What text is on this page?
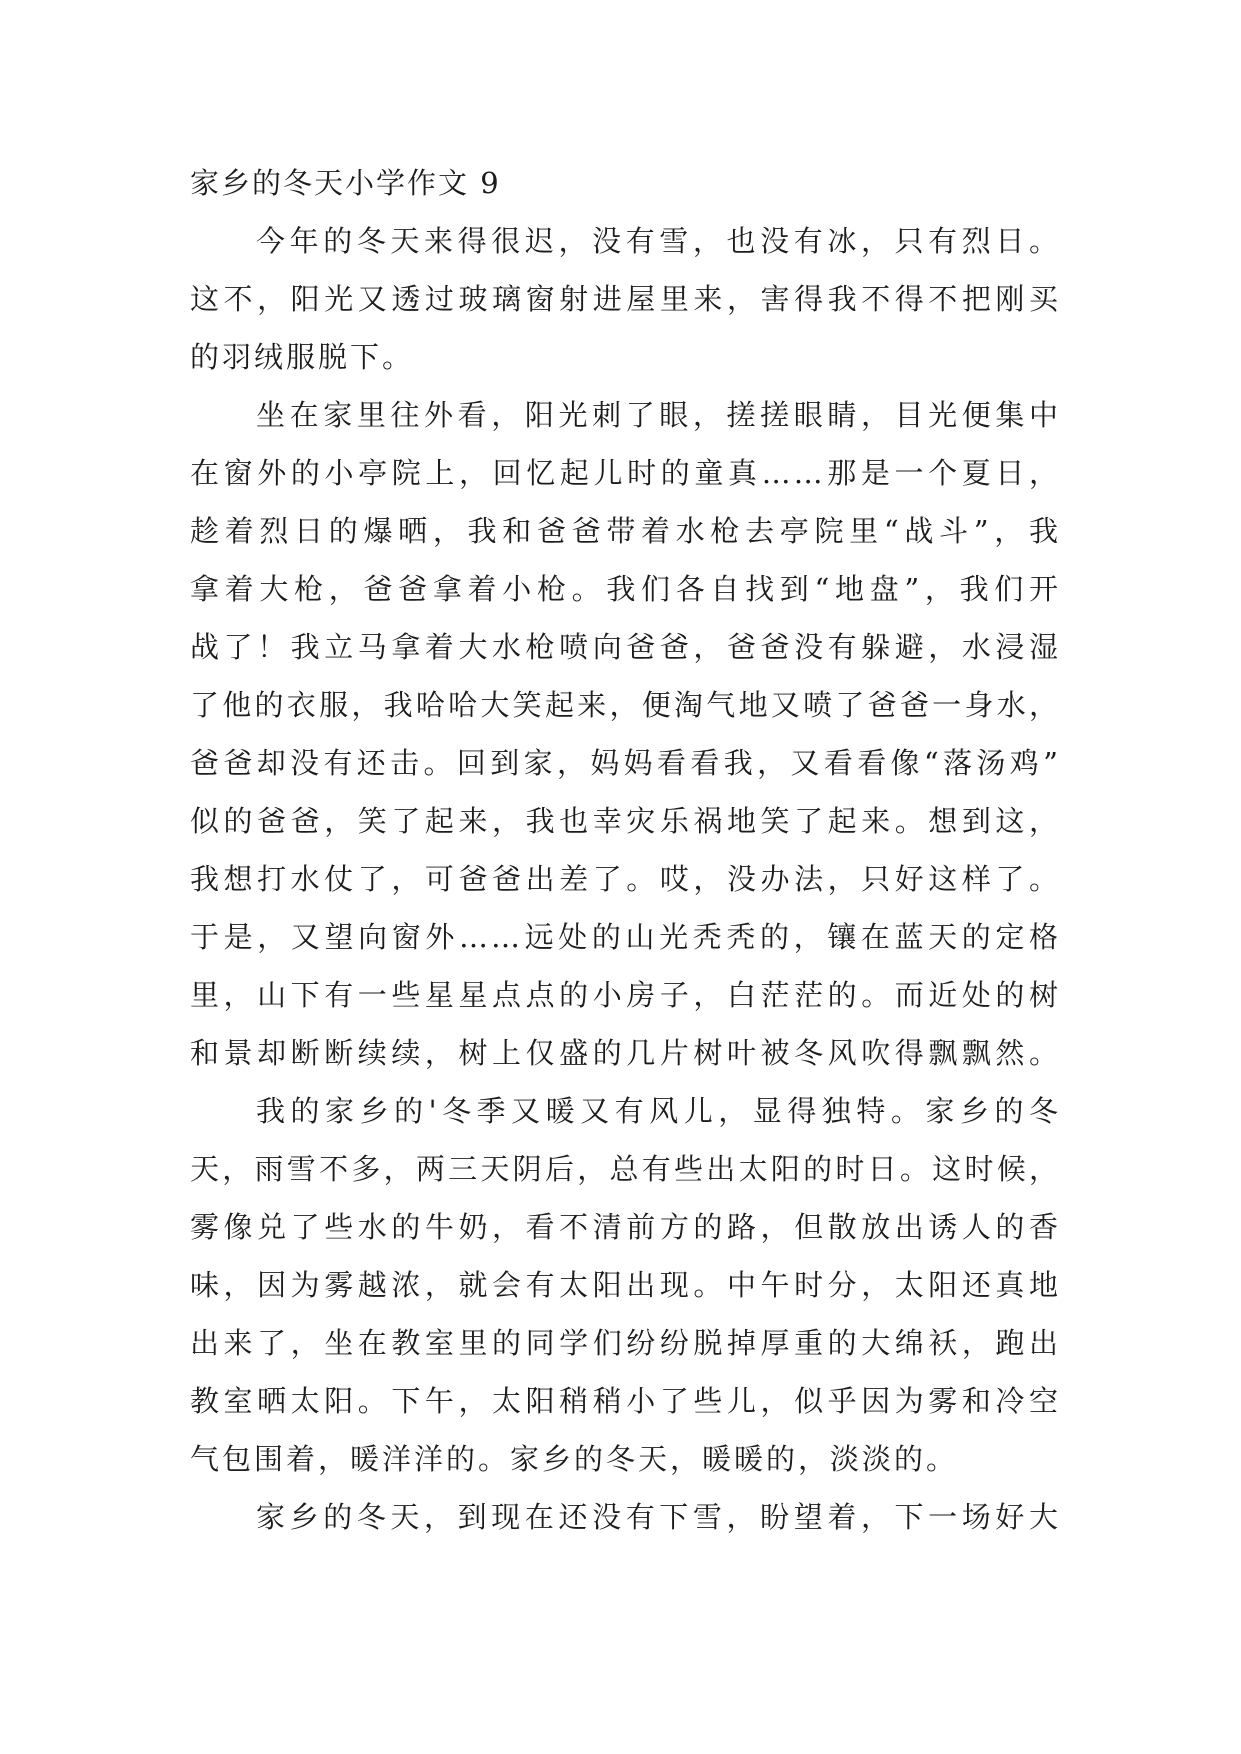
家乡的冬天小学作文 9
今年的冬天来得很迟，没有雪，也没有冰，只有烈日。
这不，阳光又透过玻璃窗射进屋里来，害得我不得不把刚买
的羽绒服脱下。
坐在家里往外看，阳光刺了眼，搓搓眼睛，目光便集中
在窗外的小亭院上，回忆起儿时的童真……那是一个夏日，
趁着烈日的爆晒，我和爸爸带着水枪去亭院里“战斗”，我
拿着大枪，爸爸拿着小枪。我们各自找到“地盘”，我们开
战了！我立马拿着大水枪喷向爸爸，爸爸没有躲避，水浸湿
了他的衣服，我哈哈大笑起来，便淘气地又喷了爸爸一身水，
爸爸却没有还击。回到家，妈妈看看我，又看看像“落汤鸡”
似的爸爸，笑了起来，我也幸灾乐祸地笑了起来。想到这，
我想打水仗了，可爸爸出差了。哎，没办法，只好这样了。
于是，又望向窗外……远处的山光秃秃的，镶在蓝天的定格
里，山下有一些星星点点的小房子，白茫茫的。而近处的树
和景却断断续续，树上仅盛的几片树叶被冬风吹得飘飘然。
我的家乡的'冬季又暖又有风儿，显得独特。家乡的冬
天，雨雪不多，两三天阴后，总有些出太阳的时日。这时候，
雾像兑了些水的牛奶，看不清前方的路，但散放出诱人的香
味，因为雾越浓，就会有太阳出现。中午时分，太阳还真地
出来了，坐在教室里的同学们纷纷脱掉厚重的大绵袄，跑出
教室晒太阳。下午，太阳稍稍小了些儿，似乎因为雾和冷空
气包围着，暖洋洋的。家乡的冬天，暖暖的，淡淡的。
家乡的冬天，到现在还没有下雪，盼望着，下一场好大
